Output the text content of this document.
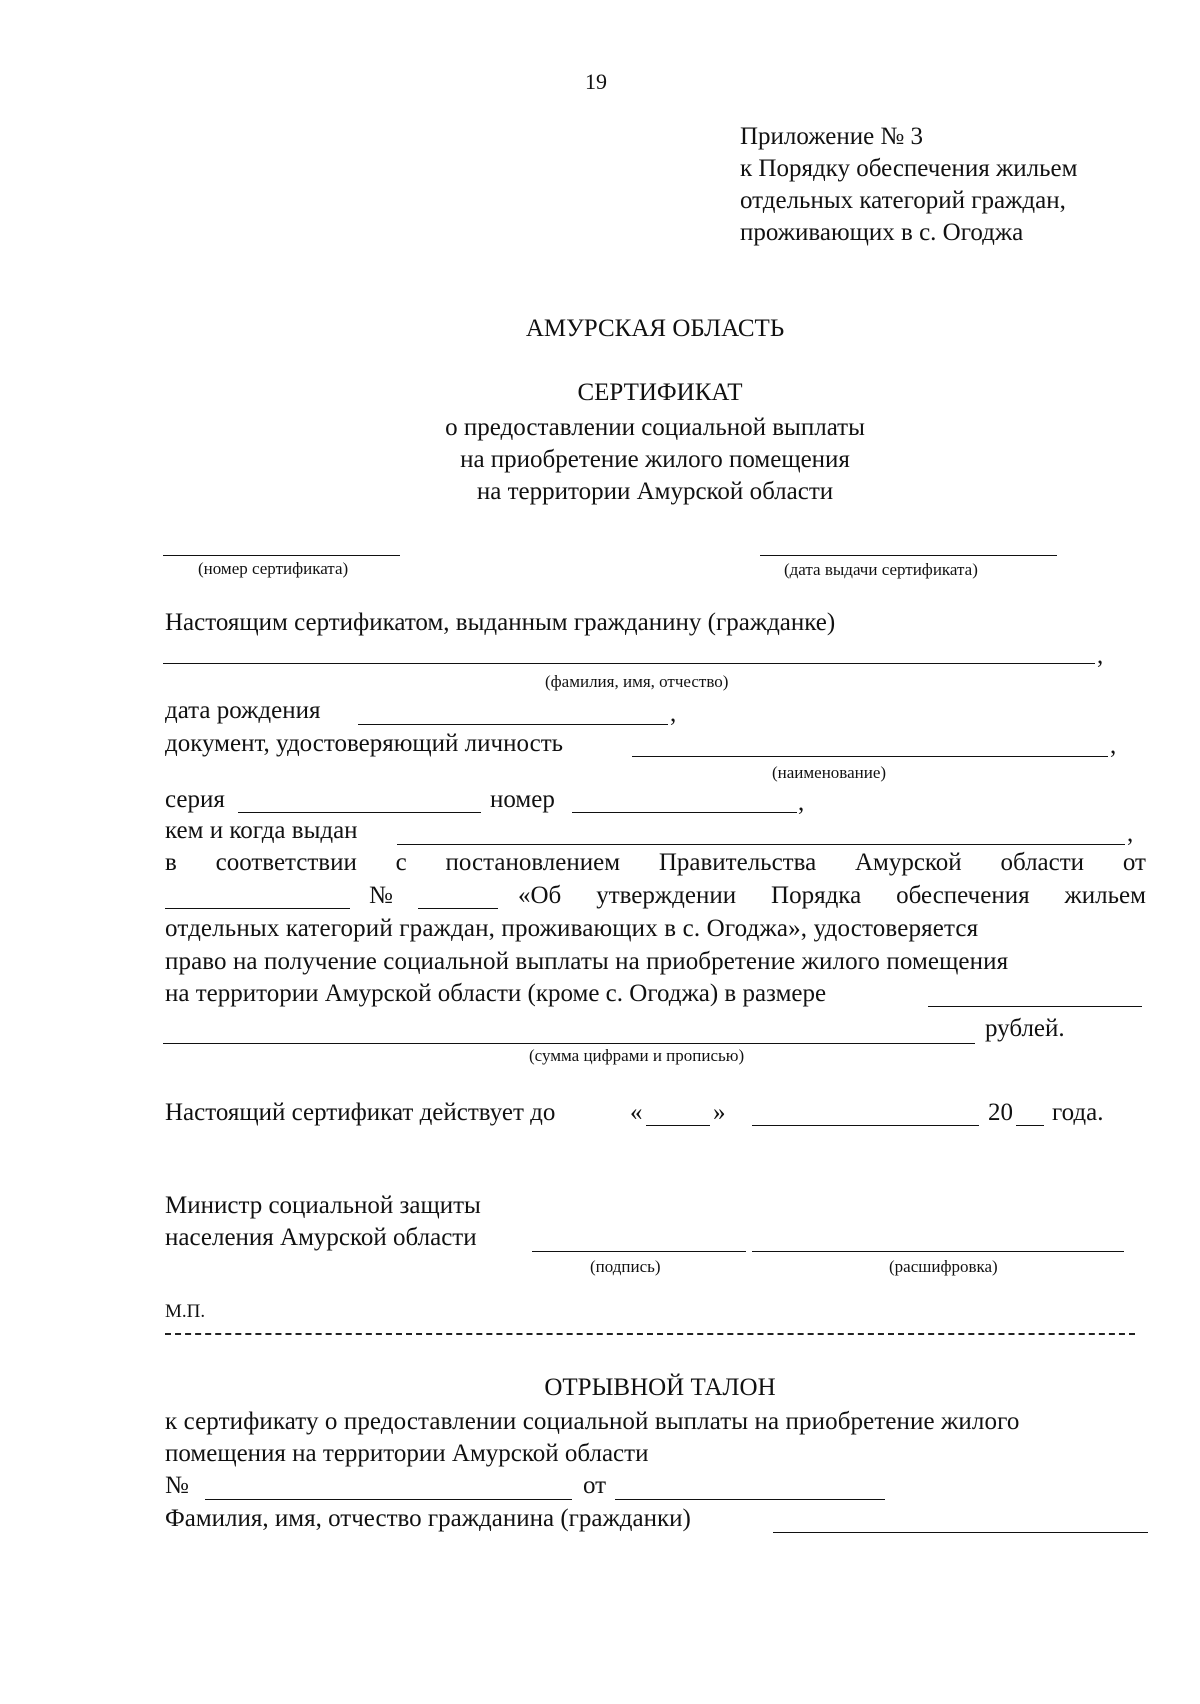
19
Приложение № 3
к Порядку обеспечения жильем
отдельных категорий граждан,
проживающих в с. Огоджа
АМУРСКАЯ ОБЛАСТЬ
СЕРТИФИКАТ
о предоставлении социальной выплаты
на приобретение жилого помещения
на территории Амурской области
(номер сертификата)	(дата выдачи сертификата)
Настоящим сертификатом, выданным гражданину (гражданке)
,
(фамилия, имя, отчество)
дата рождения	,
документ, удостоверяющий личность	,
(наименование)
серия	номер	,
кем и когда выдан	,
в соответствии с постановлением Правительства Амурской области от
№	«Об утверждении Порядка обеспечения жильем
отдельных категорий граждан, проживающих в с. Огоджа», удостоверяется
право на получение социальной выплаты на приобретение жилого помещения
на территории Амурской области (кроме с. Огоджа) в размере
рублей.
(сумма цифрами и прописью)
Настоящий сертификат действует до	«	»	20 года.
Министр социальной защиты
населения Амурской области
(подпись)	(расшифровка)
М.П.
ОТРЫВНОЙ ТАЛОН
к сертификату о предоставлении социальной выплаты на приобретение жилого
помещения на территории Амурской области
№	от
Фамилия, имя, отчество гражданина (гражданки)
